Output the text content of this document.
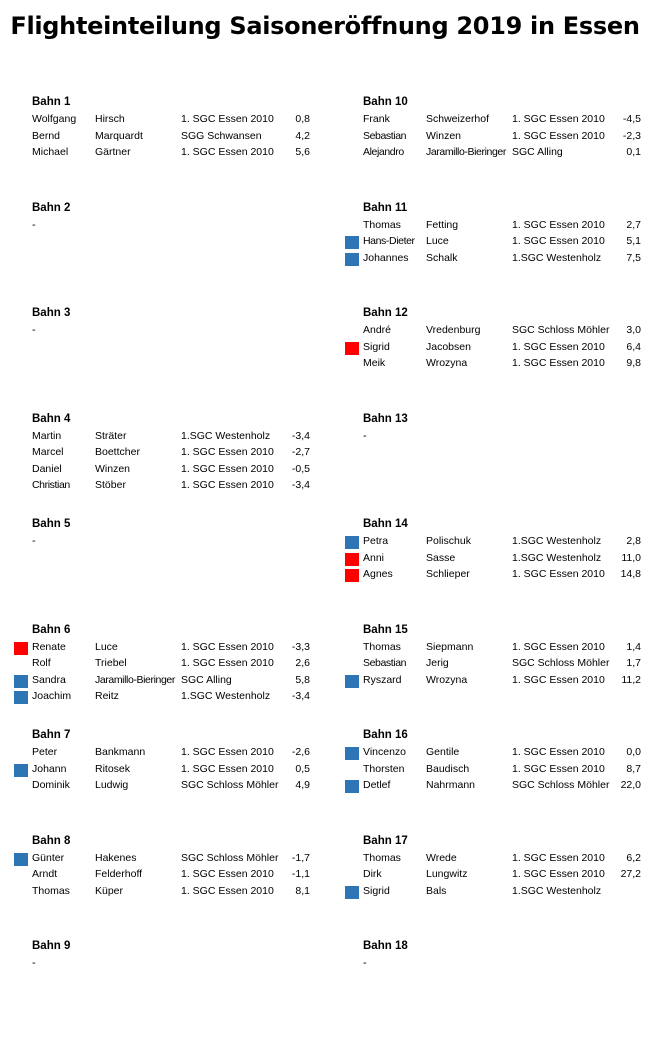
Flighteinteilung Saisoneröffnung 2019 in Essen
Bahn 1
Wolfgang Hirsch	1. SGC Essen 2010 0,8
Bernd	Marquardt	SGG Schwansen	4,2
Michael	Gärtner	1. SGC Essen 2010 5,6
Bahn 2
-
Bahn 3
-
Bahn 4
Martin	Sträter	1.SGC Westenholz -3,4
Marcel	Boettcher	1. SGC Essen 2010 -2,7
Daniel	Winzen	1. SGC Essen 2010 -0,5
Christian Stöber	1. SGC Essen 2010 -3,4
Bahn 5
-
Bahn 6
Renate	Luce	1. SGC Essen 2010 -3,3
Rolf	Triebel	1. SGC Essen 2010 2,6
Sandra	Jaramillo-Bieringer SGC Alling	5,8
Joachim Reitz	1.SGC Westenholz -3,4
Bahn 7
Peter	Bankmann	1. SGC Essen 2010 -2,6
Johann	Ritosek	1. SGC Essen 2010 0,5
Dominik Ludwig	SGC Schloss Möhler 4,9
Bahn 8
Günter	Hakenes	SGC Schloss Möhler -1,7
Arndt	Felderhoff	1. SGC Essen 2010 -1,1
Thomas Küper	1. SGC Essen 2010 8,1
Bahn 9
-
Bahn 10
Frank	Schweizerhof 1. SGC Essen 2010 -4,5
Sebastian Winzen	1. SGC Essen 2010 -2,3
Alejandro Jaramillo-Bieringer SGC Alling	0,1
Bahn 11
Thomas Fetting	1. SGC Essen 2010 2,7
Hans-Dieter Luce	1. SGC Essen 2010 5,1
Johannes Schalk	1.SGC Westenholz 7,5
Bahn 12
André	Vredenburg	SGC Schloss Möhler 3,0
Sigrid	Jacobsen	1. SGC Essen 2010 6,4
Meik	Wrozyna	1. SGC Essen 2010 9,8
Bahn 13
-
Bahn 14
Petra	Polischuk	1.SGC Westenholz 2,8
Anni	Sasse	1.SGC Westenholz 11,0
Agnes	Schlieper	1. SGC Essen 2010 14,8
Bahn 15
Thomas Siepmann	1. SGC Essen 2010 1,4
Sebastian Jerig	SGC Schloss Möhler 1,7
Ryszard Wrozyna	1. SGC Essen 2010 11,2
Bahn 16
Vincenzo Gentile	1. SGC Essen 2010 0,0
Thorsten Baudisch	1. SGC Essen 2010 8,7
Detlef	Nahrmann	SGC Schloss Möhler 22,0
Bahn 17
Thomas Wrede	1. SGC Essen 2010 6,2
Dirk	Lungwitz	1. SGC Essen 2010 27,2
Sigrid	Bals	1.SGC Westenholz
Bahn 18
-
